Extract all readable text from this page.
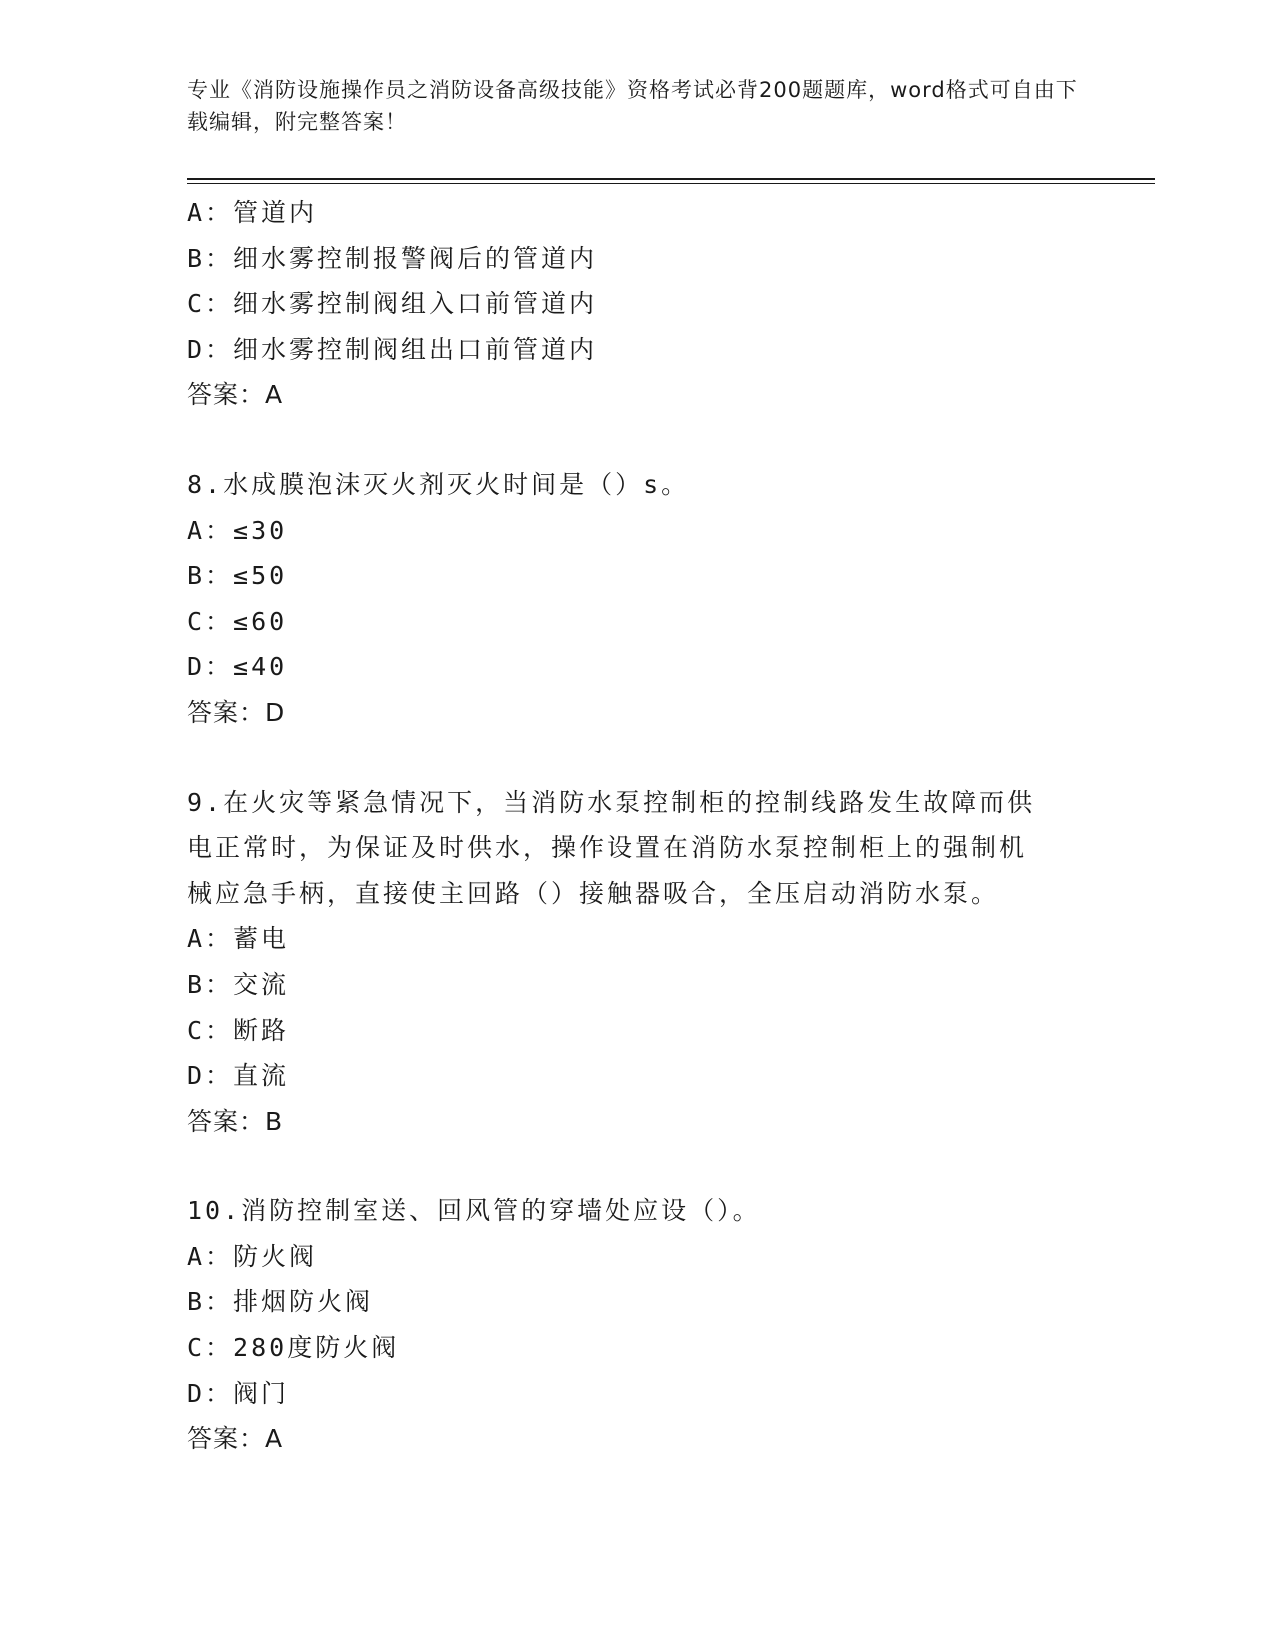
专业《消防设施操作员之消防设备高级技能》资格考试必背200题题库，word格式可自由下载编辑，附完整答案！
A：管道内
B：细水雾控制报警阀后的管道内
C：细水雾控制阀组入口前管道内
D：细水雾控制阀组出口前管道内
答案：A
8.水成膜泡沫灭火剂灭火时间是（）s。
A：≤30
B：≤50
C：≤60
D：≤40
答案：D
9.在火灾等紧急情况下，当消防水泵控制柜的控制线路发生故障而供
电正常时，为保证及时供水，操作设置在消防水泵控制柜上的强制机
械应急手柄，直接使主回路（）接触器吸合，全压启动消防水泵。
A：蓄电
B：交流
C：断路
D：直流
答案：B
10.消防控制室送、回风管的穿墙处应设（）。
A：防火阀
B：排烟防火阀
C：280度防火阀
D：阀门
答案：A
